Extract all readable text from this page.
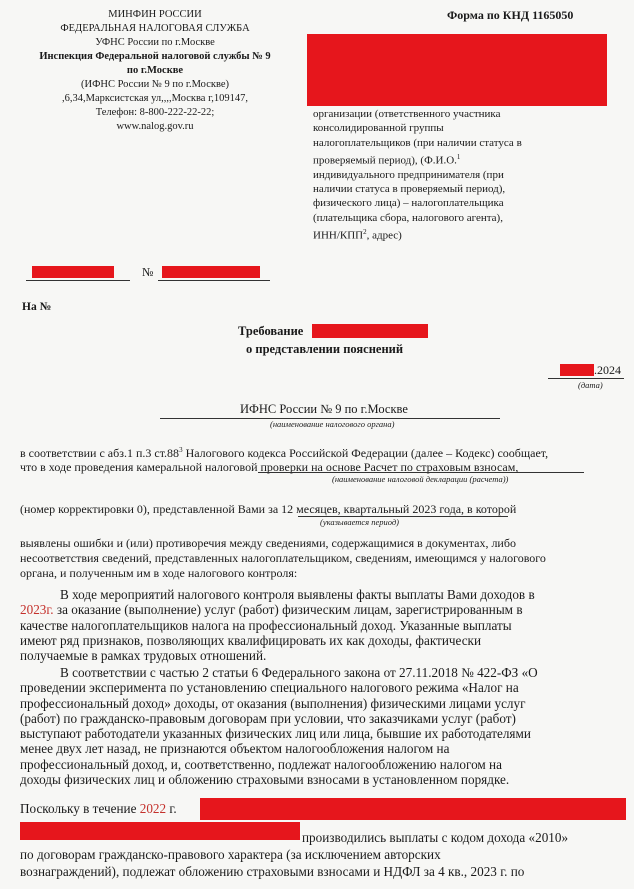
МИНФИН РОССИИ
ФЕДЕРАЛЬНАЯ НАЛОГОВАЯ СЛУЖБА
УФНС России по г.Москве
Инспекция Федеральной налоговой службы № 9
по г.Москве
(ИФНС России № 9 по г.Москве)
,6,34,Марксистская ул,,,,Москва г,109147,
Телефон: 8-800-222-22-22;
www.nalog.gov.ru
Форма по КНД 1165050
организации (ответственного участника
консолидированной группы
налогоплательщиков (при наличии статуса в
проверяемый период), (Ф.И.О.$^1$
индивидуального предпринимателя (при
наличии статуса в проверяемый период),
физического лица) – налогоплательщика
(плательщика сбора, налогового агента),
ИНН/КПП$^2$, адрес)
№
На №
Требование
о представлении пояснений
.2024
(дата)
ИФНС России № 9 по г.Москве
(наименование налогового органа)
в соответствии с абз.1 п.3 $ст.88^3$ Налогового кодекса Российской Федерации (далее – Кодекс) сообщает,
что в ходе проведения камеральной налоговой проверки на основе Расчет по страховым взносам,
(наименование налоговой декларации (расчета))
(номер корректировки 0), представленной Вами за 12 месяцев, квартальный 2023 года, в которой
(указывается период)
выявлены ошибки и (или) противоречия между сведениями, содержащимися в документах, либо
несоответствия сведений, представленных налогоплательщиком, сведениям, имеющимся у налогового
органа, и полученным им в ходе налогового контроля:
В ходе мероприятий налогового контроля выявлены факты выплаты Вами доходов в
2023г. за оказание (выполнение) услуг (работ) физическим лицам, зарегистрированным в
качестве налогоплательщиков налога на профессиональный доход. Указанные выплаты
имеют ряд признаков, позволяющих квалифицировать их как доходы, фактически
получаемые в рамках трудовых отношений.
В соответствии с частью 2 статьи 6 Федерального закона от 27.11.2018 № 422-ФЗ «О
проведении эксперимента по установлению специального налогового режима «Налог на
профессиональный доход» доходы, от оказания (выполнения) физическими лицами услуг
(работ) по гражданско-правовым договорам при условии, что заказчиками услуг (работ)
выступают работодатели указанных физических лиц или лица, бывшие их работодателями
менее двух лет назад, не признаются объектом налогообложения налогом на
профессиональный доход, и, соответственно, подлежат налогообложению налогом на
доходы физических лиц и обложению страховыми взносами в установленном порядке.
Поскольку в течение 2022 г.
производились выплаты с кодом дохода «2010»
по договорам гражданско-правового характера (за исключением авторских
вознаграждений), подлежат обложению страховыми взносами и НДФЛ за 4 кв., 2023 г. по
